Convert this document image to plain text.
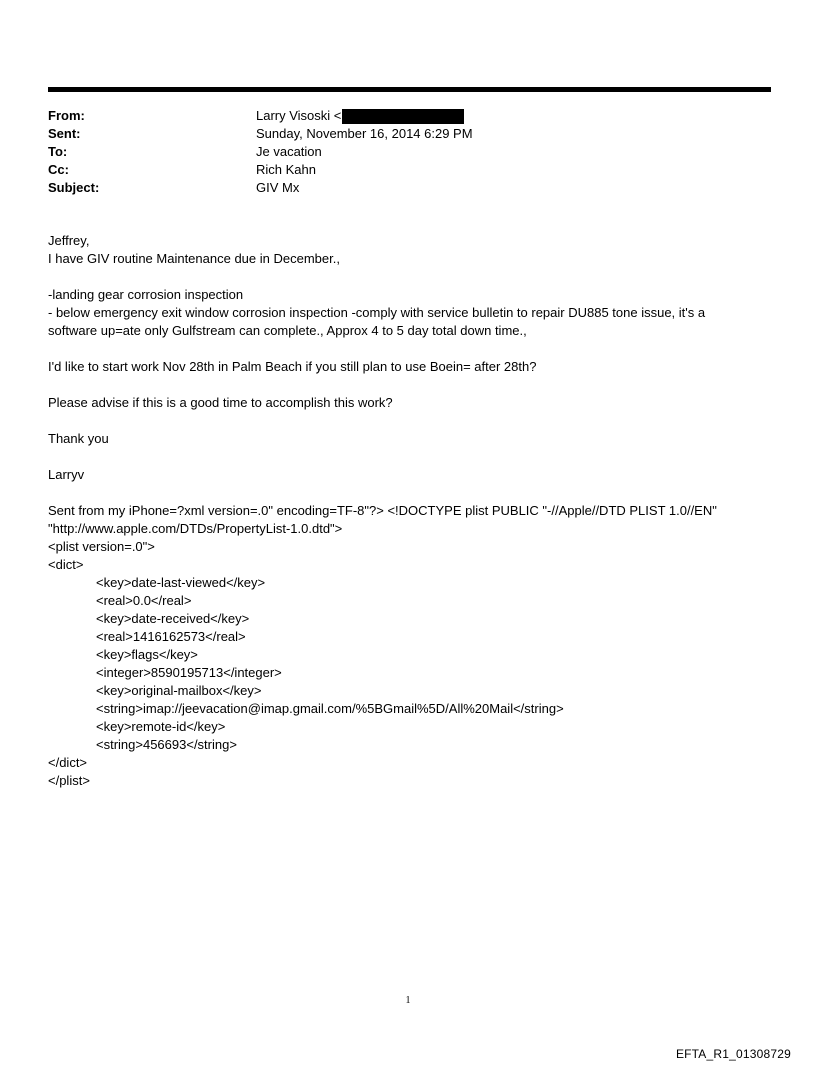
From:	Larry Visoski <
Sent:	Sunday, November 16, 2014 6:29 PM
To:	Je vacation
Cc:	Rich Kahn
Subject:	GIV Mx

Jeffrey,

I have GIV routine Maintenance due in December.,

-landing gear corrosion inspection

- below emergency exit window corrosion inspection -comply with service bulletin to repair DU885 tone issue, it's a

software up=ate only Gulfstream can complete., Approx 4 to 5 day total down time.,

I'd like to start work Nov 28th in Palm Beach if you still plan to use Boein= after 28th?

Please advise if this is a good time to accomplish this work?

Thank you

Larryv

Sent from my iPhone=?xml version=.0" encoding=TF-8"?> <!DOCTYPE plist PUBLIC "-//Apple//DTD PLIST 1.0//EN"

"http://www.apple.com/DTDs/PropertyList-1.0.dtd">

<plist version=.0">

<dict>

<key>date-last-viewed</key>

<real>0.0</real>

<key>date-received</key>

<real>1416162573</real>

<key>flags</key>

<integer>8590195713</integer>

<key>original-mailbox</key>

<string>imap://jeevacation@imap.gmail.com/%5BGmail%5D/All%20Mail</string>

<key>remote-id</key>

<string>456693</string>

</dict>

</plist>

1
EFTA_R1_01308729
